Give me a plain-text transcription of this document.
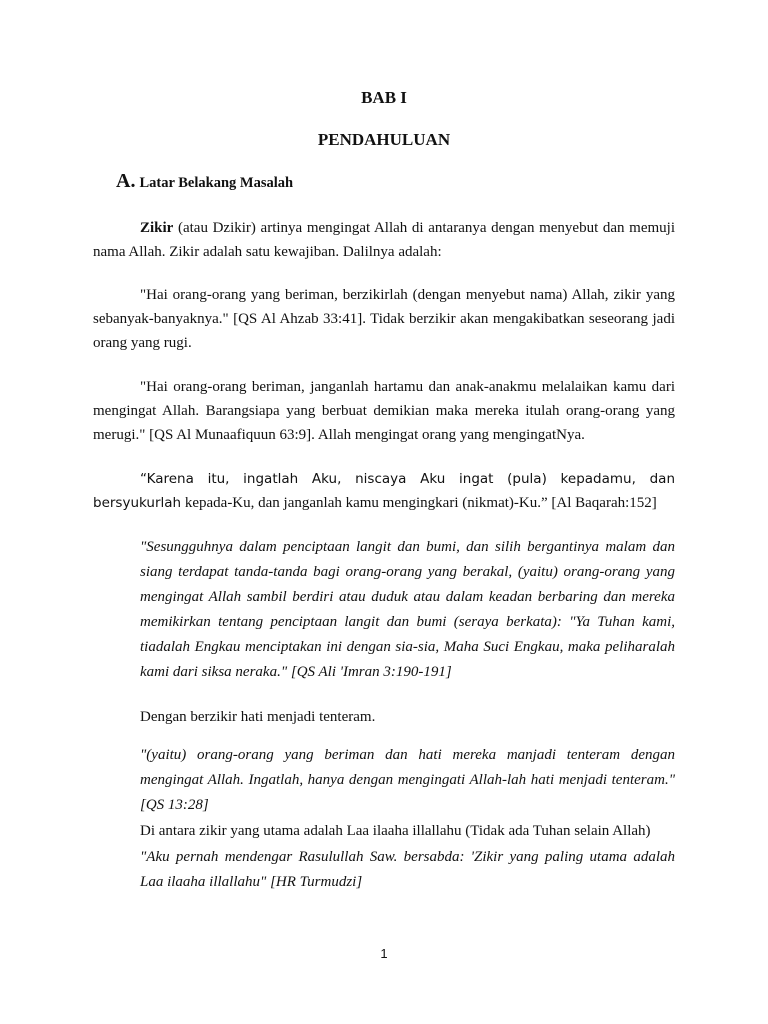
BAB I
PENDAHULUAN
A. Latar Belakang Masalah
Zikir (atau Dzikir) artinya mengingat Allah di antaranya dengan menyebut dan memuji nama Allah. Zikir adalah satu kewajiban. Dalilnya adalah:
"Hai orang-orang yang beriman, berzikirlah (dengan menyebut nama) Allah, zikir yang sebanyak-banyaknya." [QS Al Ahzab 33:41]. Tidak berzikir akan mengakibatkan seseorang jadi orang yang rugi.
"Hai orang-orang beriman, janganlah hartamu dan anak-anakmu melalaikan kamu dari mengingat Allah. Barangsiapa yang berbuat demikian maka mereka itulah orang-orang yang merugi." [QS Al Munaafiquun 63:9]. Allah mengingat orang yang mengingatNya.
“Karena itu, ingatlah Aku, niscaya Aku ingat (pula) kepadamu, dan bersyukurlah kepada-Ku, dan janganlah kamu mengingkari (nikmat)-Ku.” [Al Baqarah:152]
"Sesungguhnya dalam penciptaan langit dan bumi, dan silih bergantinya malam dan siang terdapat tanda-tanda bagi orang-orang yang berakal, (yaitu) orang-orang yang mengingat Allah sambil berdiri atau duduk atau dalam keadan berbaring dan mereka memikirkan tentang penciptaan langit dan bumi (seraya berkata): "Ya Tuhan kami, tiadalah Engkau menciptakan ini dengan sia-sia, Maha Suci Engkau, maka peliharalah kami dari siksa neraka." [QS Ali 'Imran 3:190-191]
Dengan berzikir hati menjadi tenteram.
"(yaitu) orang-orang yang beriman dan hati mereka manjadi tenteram dengan mengingat Allah. Ingatlah, hanya dengan mengingati Allah-lah hati menjadi tenteram." [QS 13:28]
Di antara zikir yang utama adalah Laa ilaaha illallahu (Tidak ada Tuhan selain Allah)
"Aku pernah mendengar Rasulullah Saw. bersabda: 'Zikir yang paling utama adalah Laa ilaaha illallahu" [HR Turmudzi]
1
